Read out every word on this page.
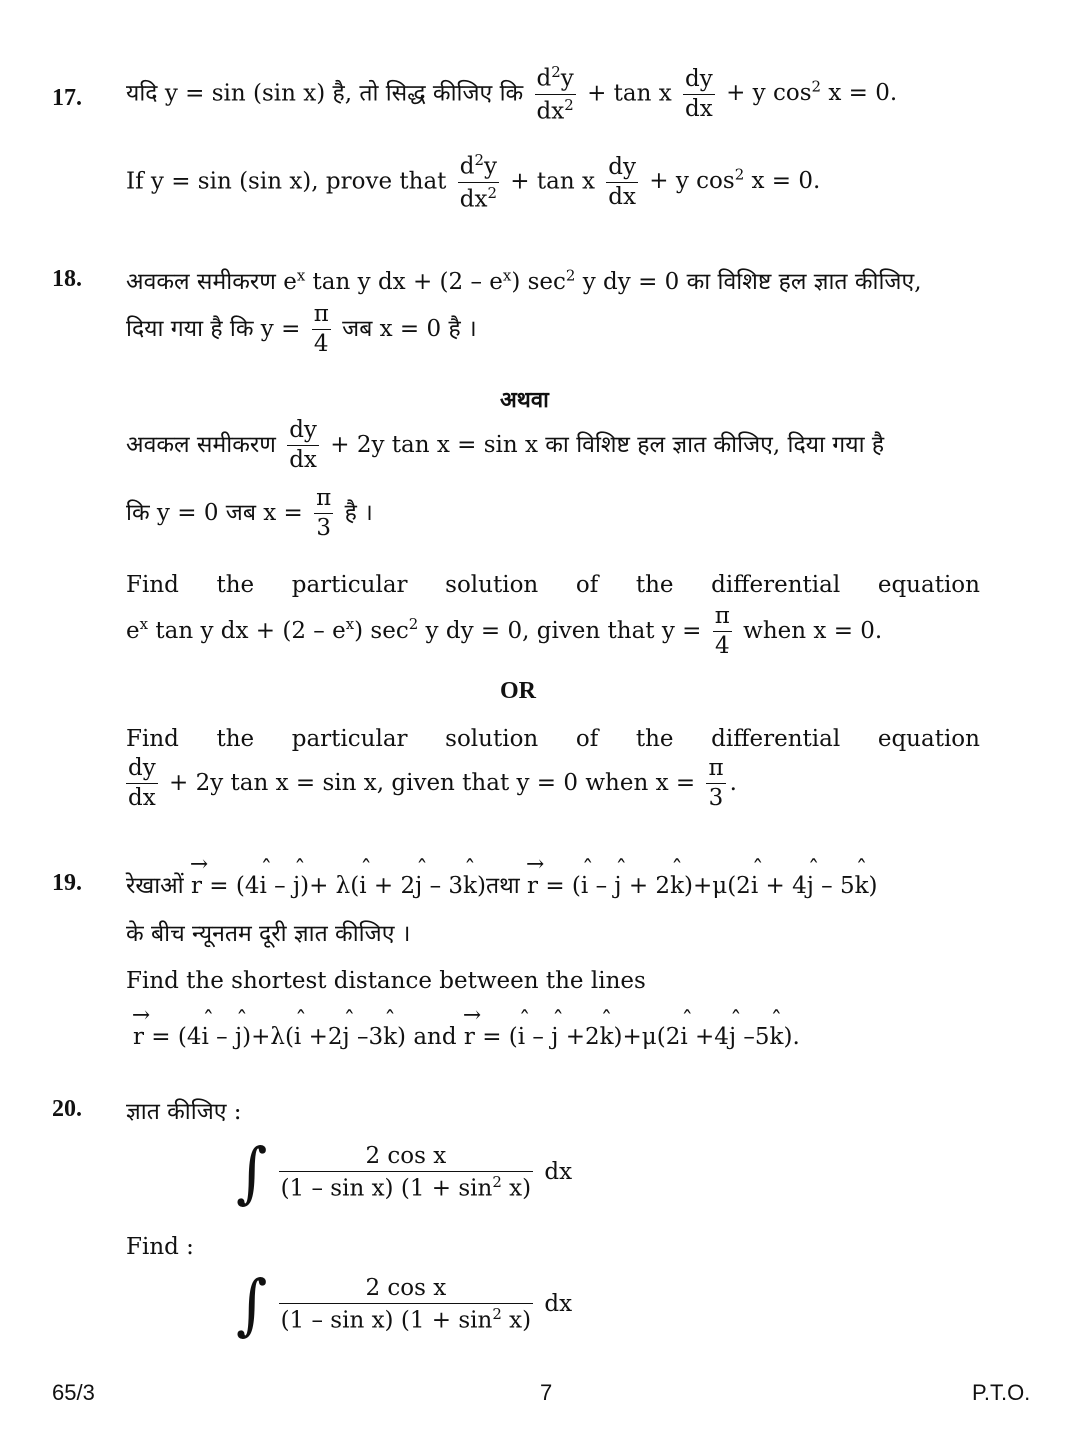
17. यदि y = sin (sin x) है, तो सिद्ध कीजिए कि $\frac{d^2y}{dx^2} + \tan x \frac{dy}{dx} + y$ $\cos^2 x = 0$.
If y = sin (sin x), prove that $\frac{d^2y}{dx^2} + \tan x \frac{dy}{dx} + y$ $\cos^2 x = 0$.
18. अवकल समीकरण $e^x$ tan y dx + $(2 - e^x)$ $\sec^2 y$ dy = 0 का विशिष्ट हल ज्ञात कीजिए,
दिया गया है कि $y = \frac{\pi}{4}$ जब x = 0 है ।
अथवा
अवकल समीकरण $\frac{dy}{dx} + 2y$ tan x = sin x का विशिष्ट हल ज्ञात कीजिए, दिया गया है
कि y = 0 जब $x = \frac{\pi}{3}$ है ।
Find the particular solution of the differential equation
$e^x$ tan y dx + $(2 - e^x)$ $\sec^2 y$ dy = 0, given that $y = \frac{\pi}{4}$ when x = 0.
OR
Find the particular solution of the differential equation
$\frac{dy}{dx} + 2y$ tan x = sin x, given that y = 0 when $x = \frac{\pi}{3}$ .
19. रेखाओं → r = (4ˆ i – ˆ j)+ λ(ˆ i + 2ˆ j – 3ˆ k)तथा → r = (ˆ i – ˆ j + 2ˆ k)+μ(2ˆ i + 4ˆ j – 5ˆ k)
के बीच न्यूनतम दूरी ज्ञात कीजिए ।
Find the shortest distance between the lines
→ r = (4ˆ i – ˆ j)+λ(ˆ i +2ˆ j –3ˆ k) and → r = (ˆ i – ˆ j +2ˆ k)+μ(2ˆ i +4ˆ j –5ˆ k).
20. ज्ञात कीजिए :
∫ $\frac{\text{2 cos x}}{(1 - \sin x) (1 + \sin^2 x)}$ dx
Find :
∫ $\frac{\text{2 cos x}}{(1 - \sin x) (1 + \sin^2 x)}$ dx
65/3	7	P.T.O.
